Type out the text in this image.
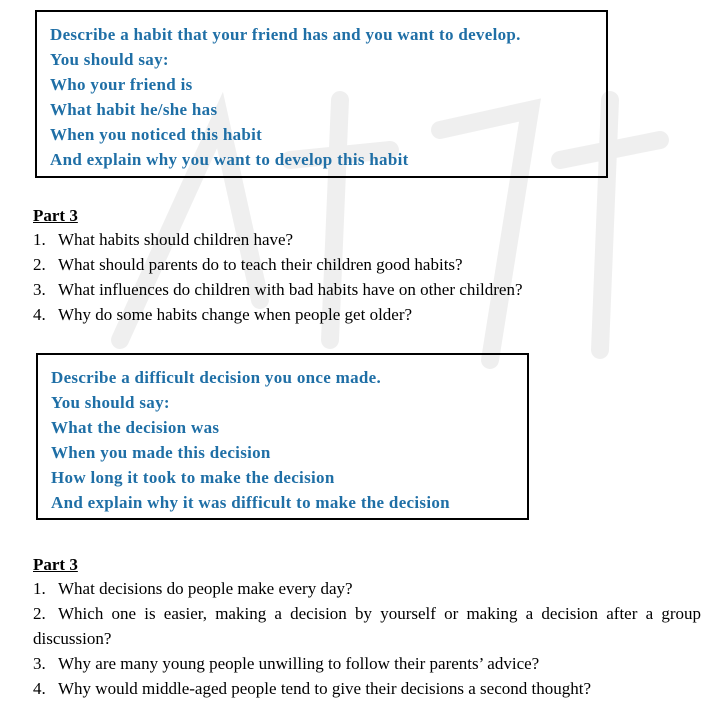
Describe a habit that your friend has and you want to develop.
You should say:
Who your friend is
What habit he/she has
When you noticed this habit
And explain why you want to develop this habit
Part 3
1. What habits should children have?
2. What should parents do to teach their children good habits?
3. What influences do children with bad habits have on other children?
4. Why do some habits change when people get older?
Describe a difficult decision you once made.
You should say:
What the decision was
When you made this decision
How long it took to make the decision
And explain why it was difficult to make the decision
Part 3
1. What decisions do people make every day?
2. Which one is easier, making a decision by yourself or making a decision after a group discussion?
3. Why are many young people unwilling to follow their parents’ advice?
4. Why would middle-aged people tend to give their decisions a second thought?
